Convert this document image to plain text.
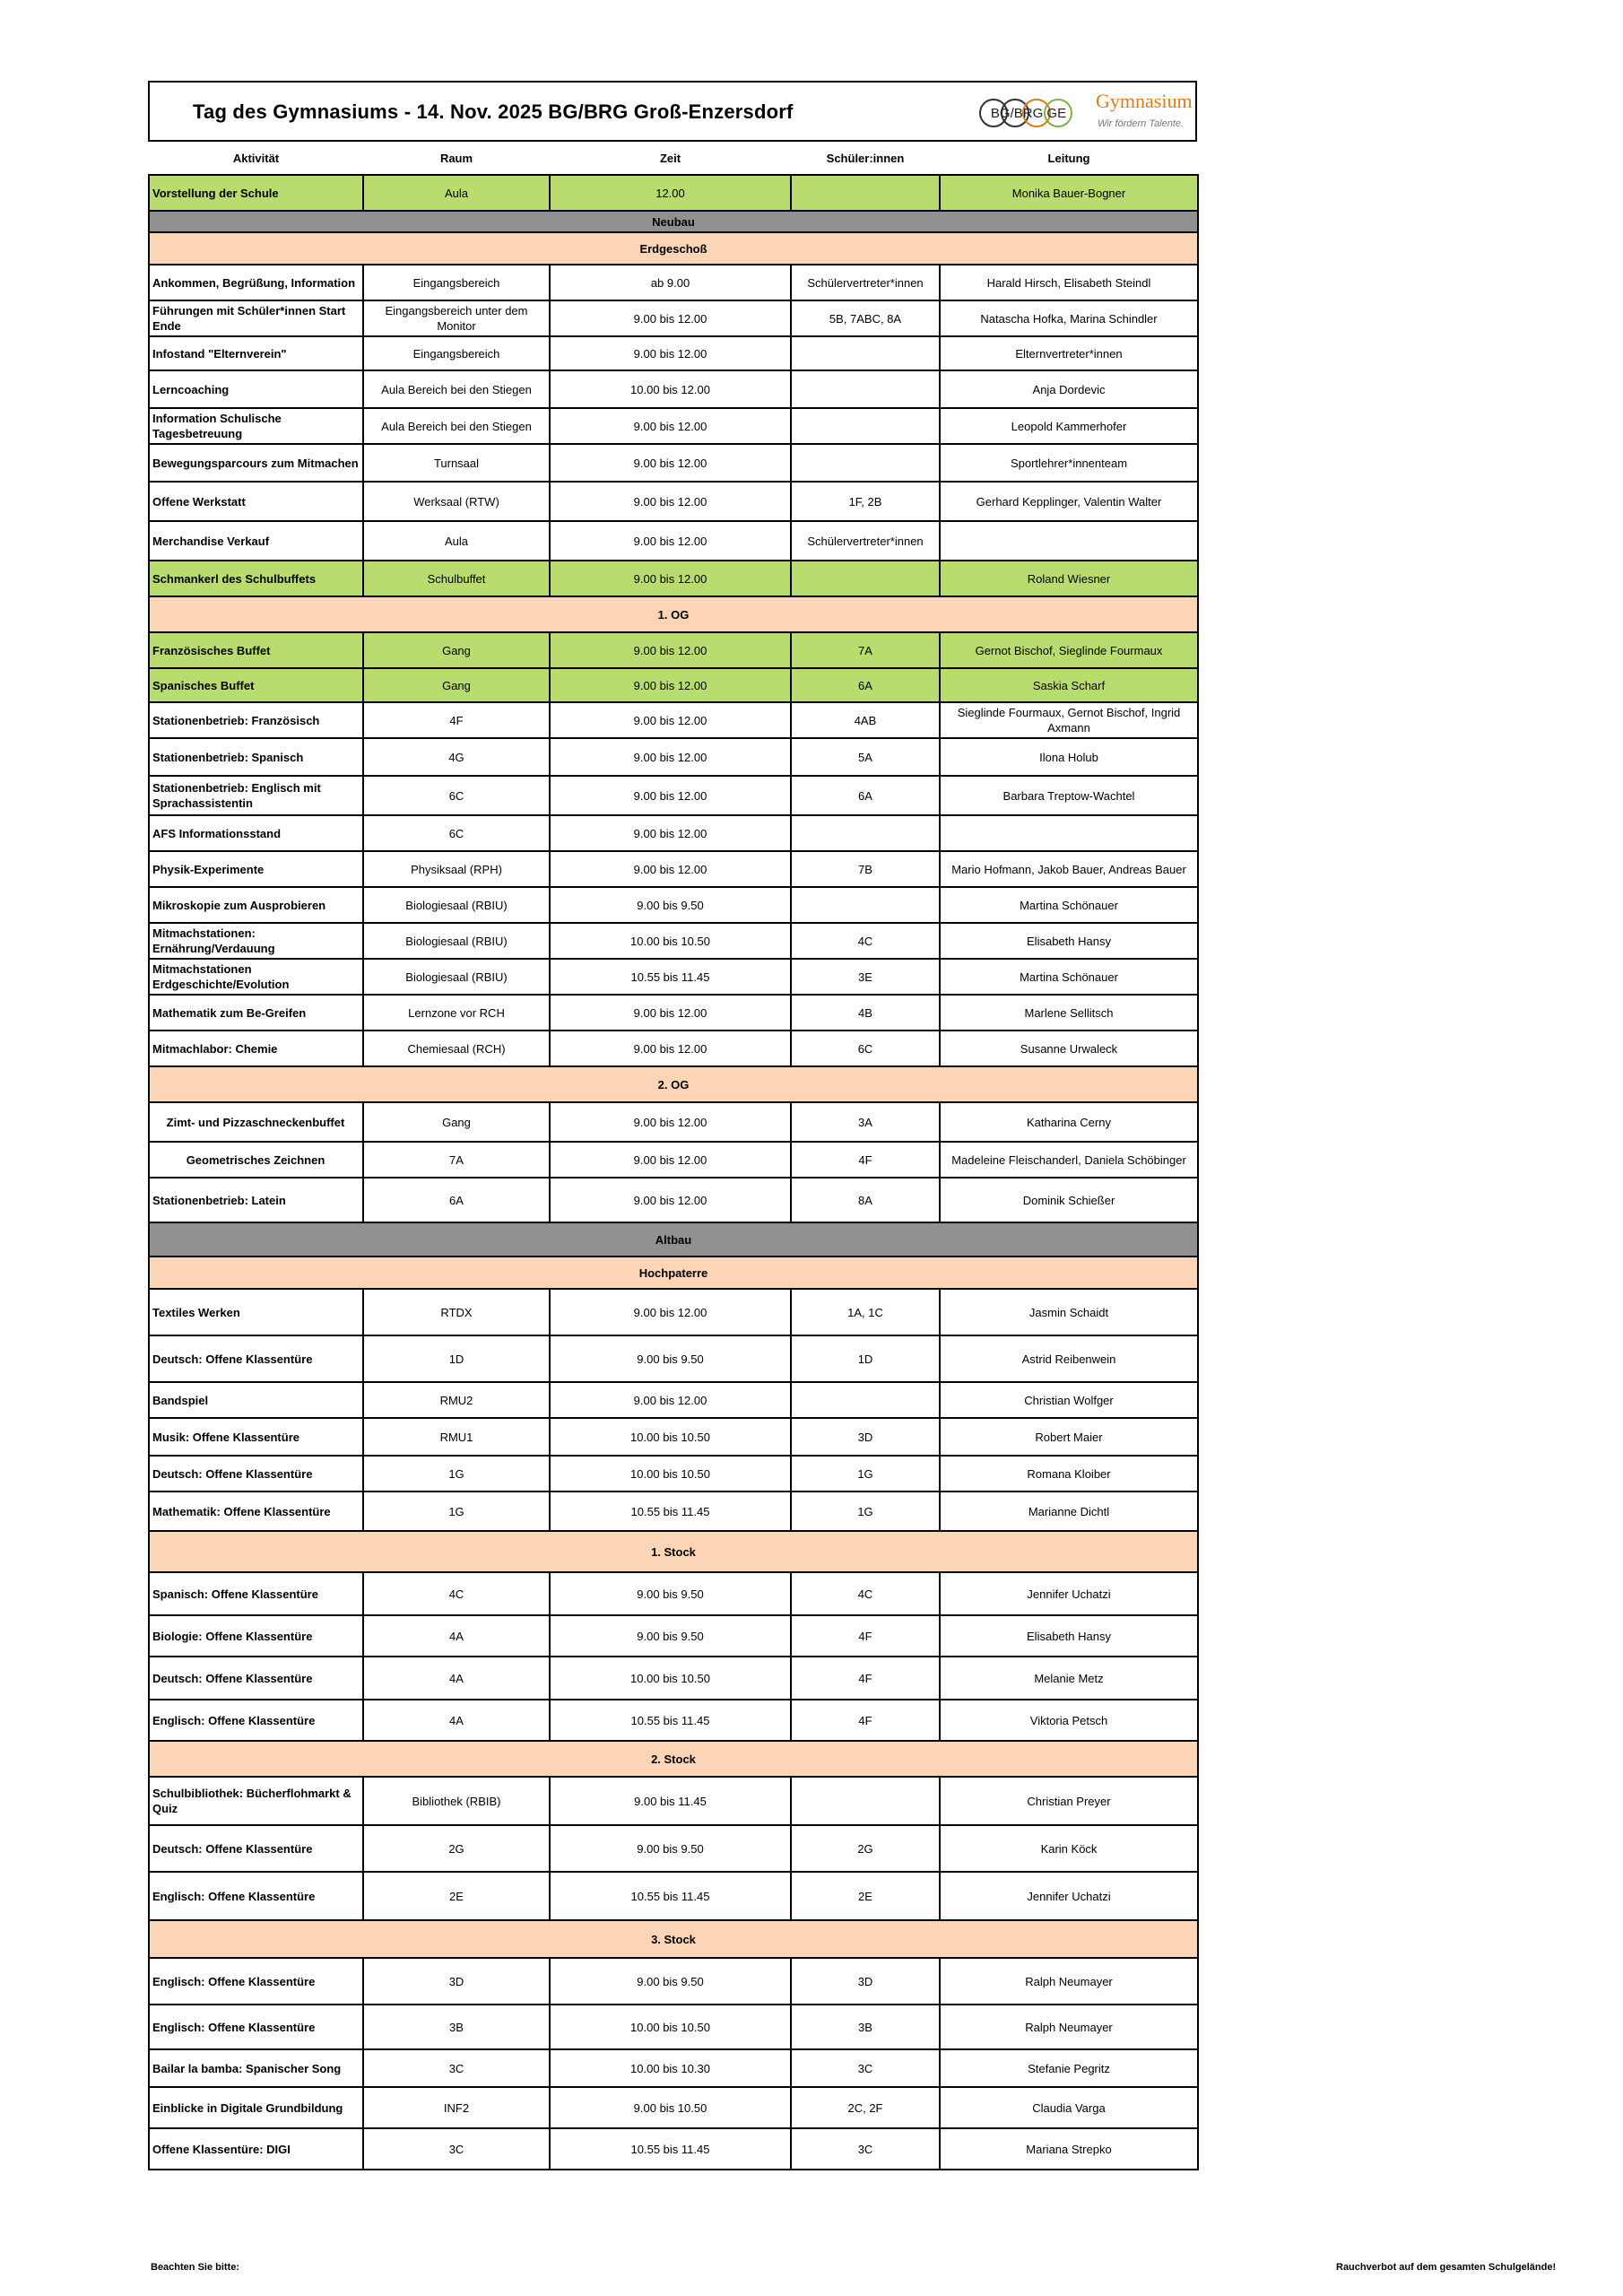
Tag des Gymnasiums - 14. Nov. 2025 BG/BRG Groß-Enzersdorf	BG/BRG GE
Gymnasium
Wir fördern Talente.
Aktivität	Raum	Zeit	Schüler:innen	Leitung
Vorstellung der Schule	Aula	12.00		Monika Bauer-Bogner
Neubau				
Erdgeschoß				
Ankommen, Begrüßung, Information	Eingangsbereich	ab 9.00	Schülervertreter*innen	Harald Hirsch, Elisabeth Steindl
Führungen mit Schüler*innen Start Ende	Eingangsbereich unter dem Monitor	9.00 bis 12.00	5B, 7ABC, 8A	Natascha Hofka, Marina Schindler
Infostand "Elternverein"	Eingangsbereich	9.00 bis 12.00		Elternvertreter*innen
Lerncoaching	Aula Bereich bei den Stiegen	10.00 bis 12.00		Anja Dordevic
Information Schulische Tagesbetreuung	Aula Bereich bei den Stiegen	9.00 bis 12.00		Leopold Kammerhofer
Bewegungsparcours zum Mitmachen	Turnsaal	9.00 bis 12.00		Sportlehrer*innenteam
Offene Werkstatt	Werksaal (RTW)	9.00 bis 12.00	1F, 2B	Gerhard Kepplinger, Valentin Walter
Merchandise Verkauf	Aula	9.00 bis 12.00	Schülervertreter*innen	
Schmankerl des Schulbuffets	Schulbuffet	9.00 bis 12.00		Roland Wiesner
1. OG				
Französisches Buffet	Gang	9.00 bis 12.00	7A	Gernot Bischof, Sieglinde Fourmaux
Spanisches Buffet	Gang	9.00 bis 12.00	6A	Saskia Scharf
Stationenbetrieb: Französisch	4F	9.00 bis 12.00	4AB	Sieglinde Fourmaux, Gernot Bischof, Ingrid Axmann
Stationenbetrieb: Spanisch	4G	9.00 bis 12.00	5A	Ilona Holub
Stationenbetrieb: Englisch mit Sprachassistentin	6C	9.00 bis 12.00	6A	Barbara Treptow-Wachtel
AFS Informationsstand	6C	9.00 bis 12.00		
Physik-Experimente	Physiksaal (RPH)	9.00 bis 12.00	7B	Mario Hofmann, Jakob Bauer, Andreas Bauer
Mikroskopie zum Ausprobieren	Biologiesaal (RBIU)	9.00 bis 9.50		Martina Schönauer
Mitmachstationen: Ernährung/Verdauung	Biologiesaal (RBIU)	10.00 bis 10.50	4C	Elisabeth Hansy
Mitmachstationen Erdgeschichte/Evolution	Biologiesaal (RBIU)	10.55 bis 11.45	3E	Martina Schönauer
Mathematik zum Be-Greifen	Lernzone vor RCH	9.00 bis 12.00	4B	Marlene Sellitsch
Mitmachlabor: Chemie	Chemiesaal (RCH)	9.00 bis 12.00	6C	Susanne Urwaleck
2. OG				
Zimt- und Pizzaschneckenbuffet	Gang	9.00 bis 12.00	3A	Katharina Cerny
Geometrisches Zeichnen	7A	9.00 bis 12.00	4F	Madeleine Fleischanderl, Daniela Schöbinger
Stationenbetrieb: Latein	6A	9.00 bis 12.00	8A	Dominik Schießer
Altbau				
Hochpaterre				
Textiles Werken	RTDX	9.00 bis 12.00	1A, 1C	Jasmin Schaidt
Deutsch: Offene Klassentüre	1D	9.00 bis 9.50	1D	Astrid Reibenwein
Bandspiel	RMU2	9.00 bis 12.00		Christian Wolfger
Musik: Offene Klassentüre	RMU1	10.00 bis 10.50	3D	Robert Maier
Deutsch: Offene Klassentüre	1G	10.00 bis 10.50	1G	Romana Kloiber
Mathematik: Offene Klassentüre	1G	10.55 bis 11.45	1G	Marianne Dichtl
1. Stock				
Spanisch: Offene Klassentüre	4C	9.00 bis 9.50	4C	Jennifer Uchatzi
Biologie: Offene Klassentüre	4A	9.00 bis 9.50	4F	Elisabeth Hansy
Deutsch: Offene Klassentüre	4A	10.00 bis 10.50	4F	Melanie Metz
Englisch: Offene Klassentüre	4A	10.55 bis 11.45	4F	Viktoria Petsch
2. Stock				
Schulbibliothek: Bücherflohmarkt & Quiz	Bibliothek (RBIB)	9.00 bis 11.45		Christian Preyer
Deutsch: Offene Klassentüre	2G	9.00 bis 9.50	2G	Karin Köck
Englisch: Offene Klassentüre	2E	10.55 bis 11.45	2E	Jennifer Uchatzi
3. Stock				
Englisch: Offene Klassentüre	3D	9.00 bis 9.50	3D	Ralph Neumayer
Englisch: Offene Klassentüre	3B	10.00 bis 10.50	3B	Ralph Neumayer
Bailar la bamba: Spanischer Song	3C	10.00 bis 10.30	3C	Stefanie Pegritz
Einblicke in Digitale Grundbildung	INF2	9.00 bis 10.50	2C, 2F	Claudia Varga
Offene Klassentüre: DIGI	3C	10.55 bis 11.45	3C	Mariana Strepko
Beachten Sie bitte:	Rauchverbot auf dem gesamten Schulgelände!
